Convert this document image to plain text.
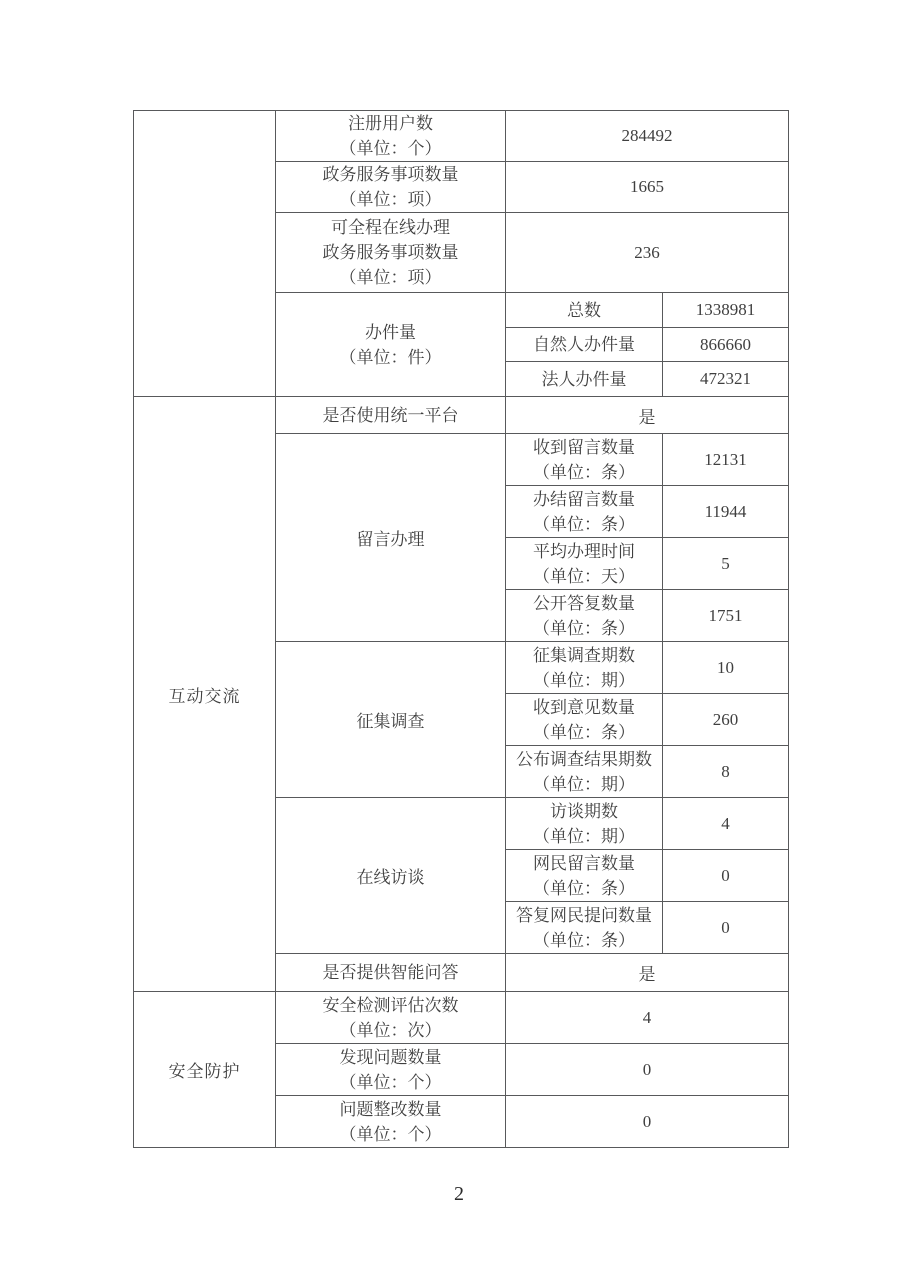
	注册用户数
（单位：个）	284492	

	政务服务事项数量
（单位：项）	1665	

	可全程在线办理
政务服务事项数量
（单位：项）	236	

	办件量
（单位：件）	总数	1338981

		自然人办件量	866660

		法人办件量	472321
互动交流	是否使用统一平台	是	
	留言办理	收到留言数量
（单位：条）	12131

		办结留言数量
（单位：条）	11944

		平均办理时间
（单位：天）	5

		公开答复数量
（单位：条）	1751
	征集调查	征集调查期数
（单位：期）	10

		收到意见数量
（单位：条）	260

		公布调查结果期数
（单位：期）	8
	在线访谈	访谈期数
（单位：期）	4

		网民留言数量
（单位：条）	0

		答复网民提问数量
（单位：条）	0

	是否提供智能问答	是	
安全防护	安全检测评估次数
（单位：次）	4	

	发现问题数量
（单位：个）	0	

	问题整改数量
（单位：个）	0	
2
